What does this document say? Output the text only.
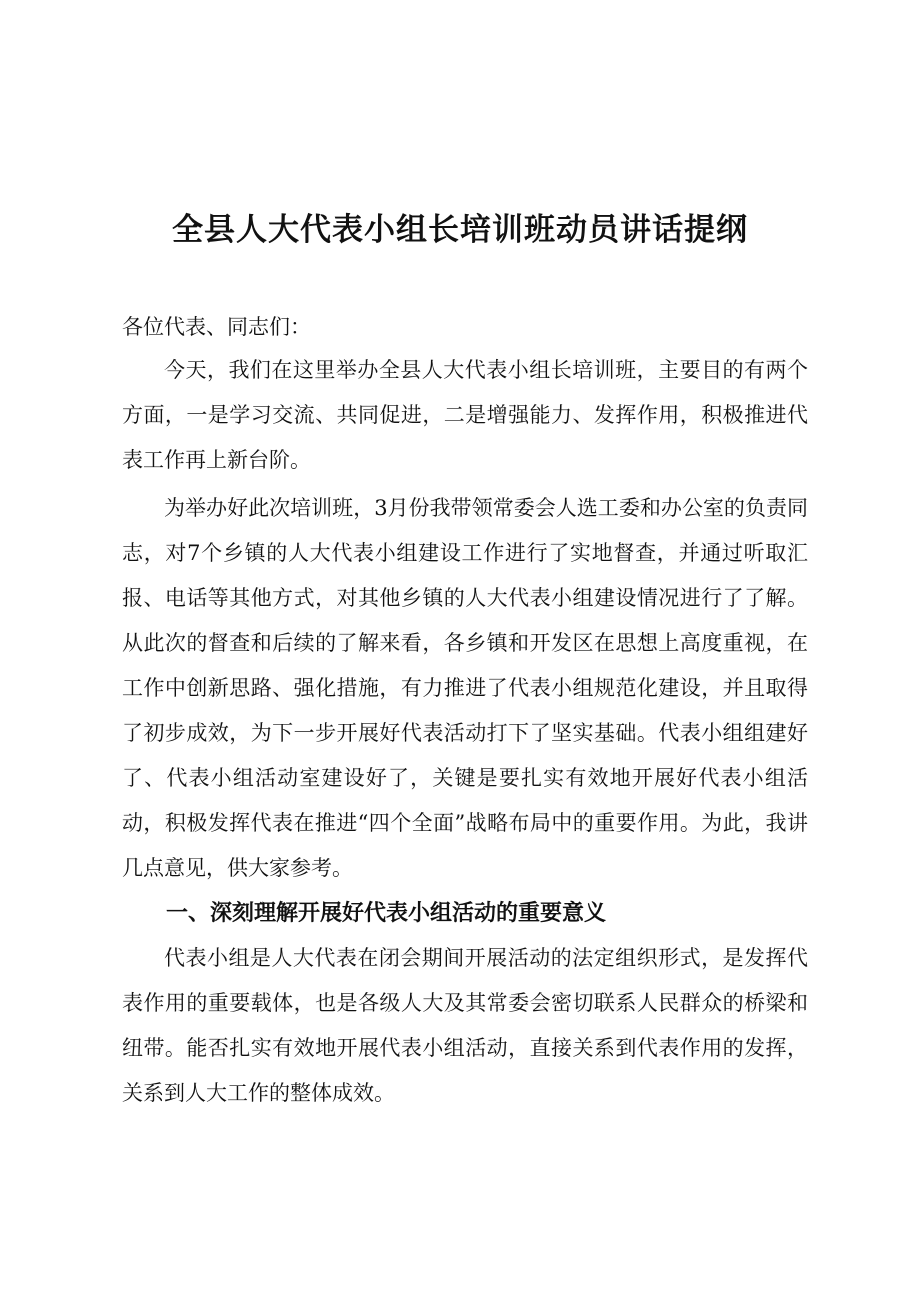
全县人大代表小组长培训班动员讲话提纲

各位代表、同志们：

今天，我们在这里举办全县人大代表小组长培训班，主要目的有两个方面，一是学习交流、共同促进，二是增强能力、发挥作用，积极推进代表工作再上新台阶。

为举办好此次培训班，3月份我带领常委会人选工委和办公室的负责同志，对7个乡镇的人大代表小组建设工作进行了实地督查，并通过听取汇报、电话等其他方式，对其他乡镇的人大代表小组建设情况进行了了解。从此次的督查和后续的了解来看，各乡镇和开发区在思想上高度重视，在工作中创新思路、强化措施，有力推进了代表小组规范化建设，并且取得了初步成效，为下一步开展好代表活动打下了坚实基础。代表小组组建好了、代表小组活动室建设好了，关键是要扎实有效地开展好代表小组活动，积极发挥代表在推进“四个全面”战略布局中的重要作用。为此，我讲几点意见，供大家参考。

一、深刻理解开展好代表小组活动的重要意义

代表小组是人大代表在闭会期间开展活动的法定组织形式，是发挥代表作用的重要载体，也是各级人大及其常委会密切联系人民群众的桥梁和纽带。能否扎实有效地开展代表小组活动，直接关系到代表作用的发挥，关系到人大工作的整体成效。
